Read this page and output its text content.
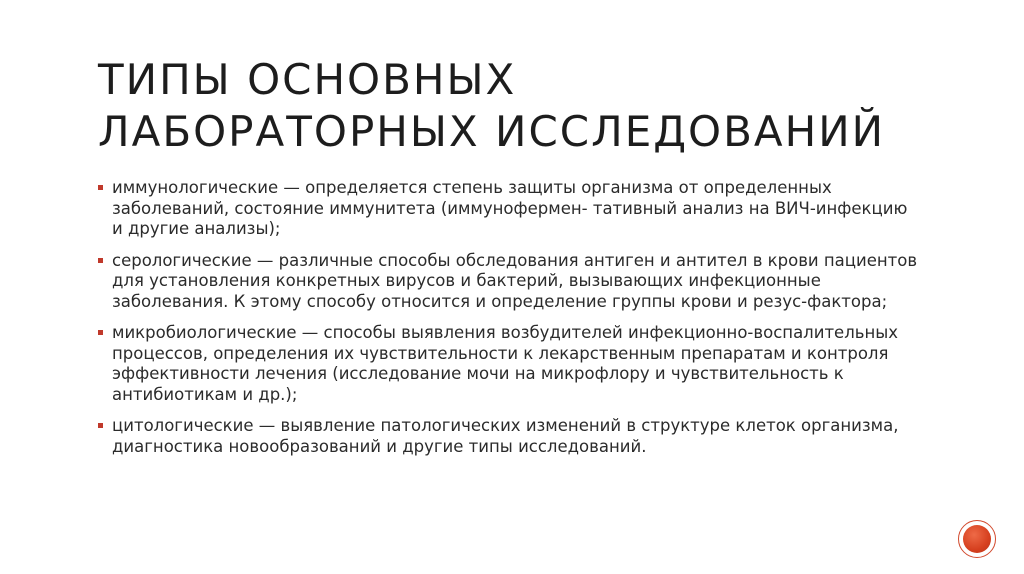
ТИПЫ ОСНОВНЫХ
ЛАБОРАТОРНЫХ ИССЛЕДОВАНИЙ
иммунологические — определяется степень защиты организма от определенных заболеваний, состояние иммунитета (иммунофермен- тативный анализ на ВИЧ-инфекцию и другие анализы);
серологические — различные способы обследования антиген и антител в крови пациентов для установления конкретных вирусов и бактерий, вызывающих инфекционные заболевания. К этому способу относится и определение группы крови и резус-фактора;
микробиологические — способы выявления возбудителей инфекционно-воспалительных процессов, определения их чувствительности к лекарственным препаратам и контроля эффективности лечения (исследование мочи на микрофлору и чувствительность к антибиотикам и др.);
цитологические — выявление патологических изменений в структуре клеток организма, диагностика новообразований и другие типы исследований.
